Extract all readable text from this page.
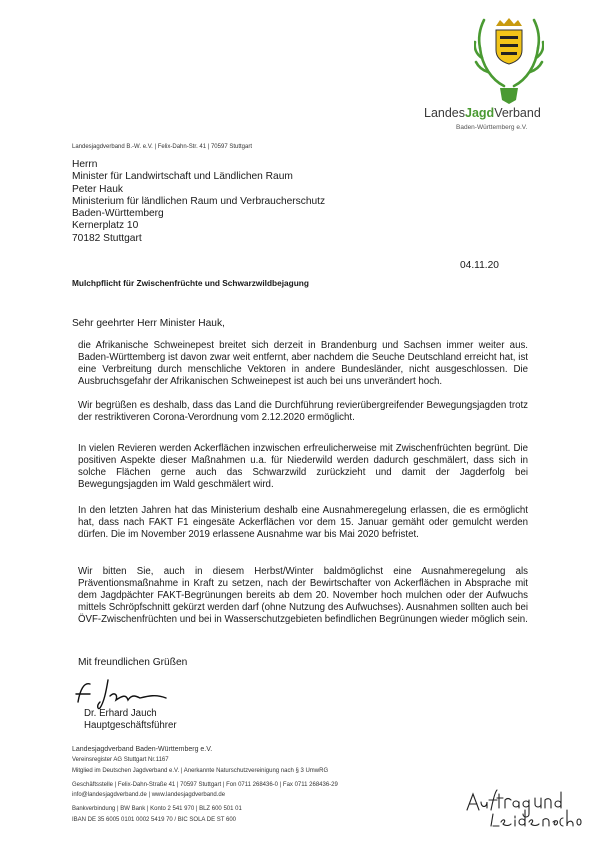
LandesJagdVerband
Baden-Württemberg e.V.
Landesjagdverband B.-W. e.V. | Felix-Dahn-Str. 41 | 70597 Stuttgart
Herrn
Minister für Landwirtschaft und Ländlichen Raum
Peter Hauk
Ministerium für ländlichen Raum und Verbraucherschutz
Baden-Württemberg
Kernerplatz 10
70182 Stuttgart
04.11.20
Mulchpflicht für Zwischenfrüchte und Schwarzwildbejagung
Sehr geehrter Herr Minister Hauk,
die Afrikanische Schweinepest breitet sich derzeit in Brandenburg und Sachsen immer weiter aus. Baden-Württemberg ist davon zwar weit entfernt, aber nachdem die Seuche Deutschland erreicht hat, ist eine Verbreitung durch menschliche Vektoren in andere Bundesländer, nicht ausgeschlossen. Die Ausbruchsgefahr der Afrikanischen Schweinepest ist auch bei uns unverändert hoch.
Wir begrüßen es deshalb, dass das Land die Durchführung revierübergreifender Bewegungsjagden trotz der restriktiveren Corona-Verordnung vom 2.12.2020 ermöglicht.
In vielen Revieren werden Ackerflächen inzwischen erfreulicherweise mit Zwischenfrüchten begrünt. Die positiven Aspekte dieser Maßnahmen u.a. für Niederwild werden dadurch geschmälert, dass sich in solche Flächen gerne auch das Schwarzwild zurückzieht und damit der Jagderfolg bei Bewegungsjagden im Wald geschmälert wird.
In den letzten Jahren hat das Ministerium deshalb eine Ausnahmeregelung erlassen, die es ermöglicht hat, dass nach FAKT F1 eingesäte Ackerflächen vor dem 15. Januar gemäht oder gemulcht werden dürfen. Die im November 2019 erlassene Ausnahme war bis Mai 2020 befristet.
Wir bitten Sie, auch in diesem Herbst/Winter baldmöglichst eine Ausnahmeregelung als Präventionsmaßnahme in Kraft zu setzen, nach der Bewirtschafter von Ackerflächen in Absprache mit dem Jagdpächter FAKT-Begrünungen bereits ab dem 20. November hoch mulchen oder der Aufwuchs mittels Schröpfschnitt gekürzt werden darf (ohne Nutzung des Aufwuchses). Ausnahmen sollten auch bei ÖVF-Zwischenfrüchten und bei in Wasserschutzgebieten befindlichen Begrünungen wieder möglich sein.
Mit freundlichen Grüßen
Dr. Erhard Jauch
Hauptgeschäftsführer
Landesjagdverband Baden-Württemberg e.V.
Vereinsregister AG Stuttgart Nr.1167
Mitglied im Deutschen Jagdverband e.V. | Anerkannte Naturschutzvereinigung nach § 3 UmwRG
Geschäftsstelle | Felix-Dahn-Straße 41 | 70597 Stuttgart | Fon 0711 268436-0 | Fax 0711 268436-29
info@landesjagdverband.de | www.landesjagdverband.de
Bankverbindung | BW Bank | Konto 2 541 970 | BLZ 600 501 01
IBAN DE 35 6005 0101 0002 5419 70 / BIC SOLA DE ST 600
